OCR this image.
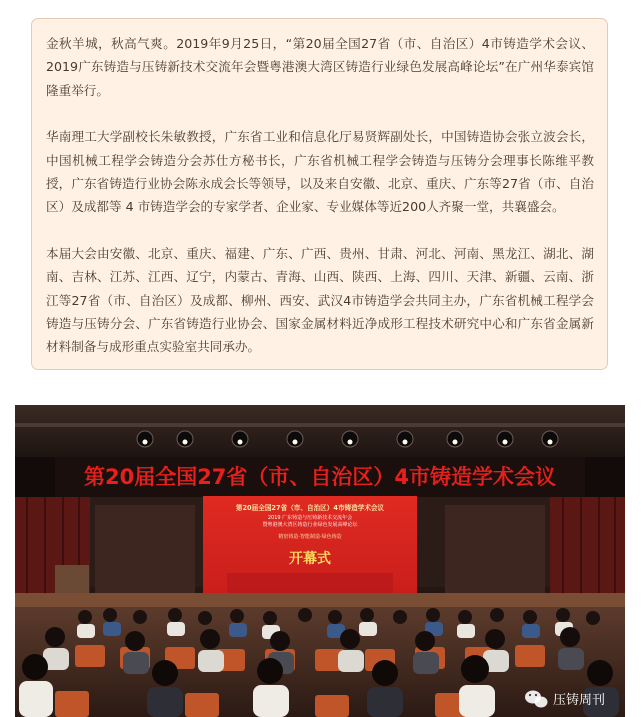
金秋羊城，秋高气爽。2019年9月25日，“第20届全国27省（市、自治区）4市铸造学术会议、2019广东铸造与压铸新技术交流年会暨粤港澳大湾区铸造行业绿色发展高峰论坛”在广州华泰宾馆隆重举行。

华南理工大学副校长朱敏教授，广东省工业和信息化厅易贤辉副处长，中国铸造协会张立波会长，中国机械工程学会铸造分会苏仕方秘书长，广东省机械工程学会铸造与压铸分会理事长陈维平教授，广东省铸造行业协会陈永成会长等领导，以及来自安徽、北京、重庆、广东等27省（市、自治区）及成都等 4 市铸造学会的专家学者、企业家、专业媒体等近200人齐聚一堂，共襄盛会。

本届大会由安徽、北京、重庆、福建、广东、广西、贵州、甘肃、河北、河南、黑龙江、湖北、湖南、吉林、江苏、江西、辽宁，内蒙古、青海、山西、陕西、上海、四川、天津、新疆、云南、浙江等27省（市、自治区）及成都、柳州、西安、武汉4市铸造学会共同主办，广东省机械工程学会铸造与压铸分会、广东省铸造行业协会、国家金属材料近净成形工程技术研究中心和广东省金属新材料制备与成形重点实验室共同承办。

第20届全国27省（市、自治区）4市铸造学术会议
第20届全国27省（市、自治区）4市铸造学术会议
2019 广东铸造与压铸新技术交流年会
暨粤港澳大湾区铸造行业绿色发展高峰论坛
精密铸造·智能制造·绿色铸造
开幕式
压铸周刊
